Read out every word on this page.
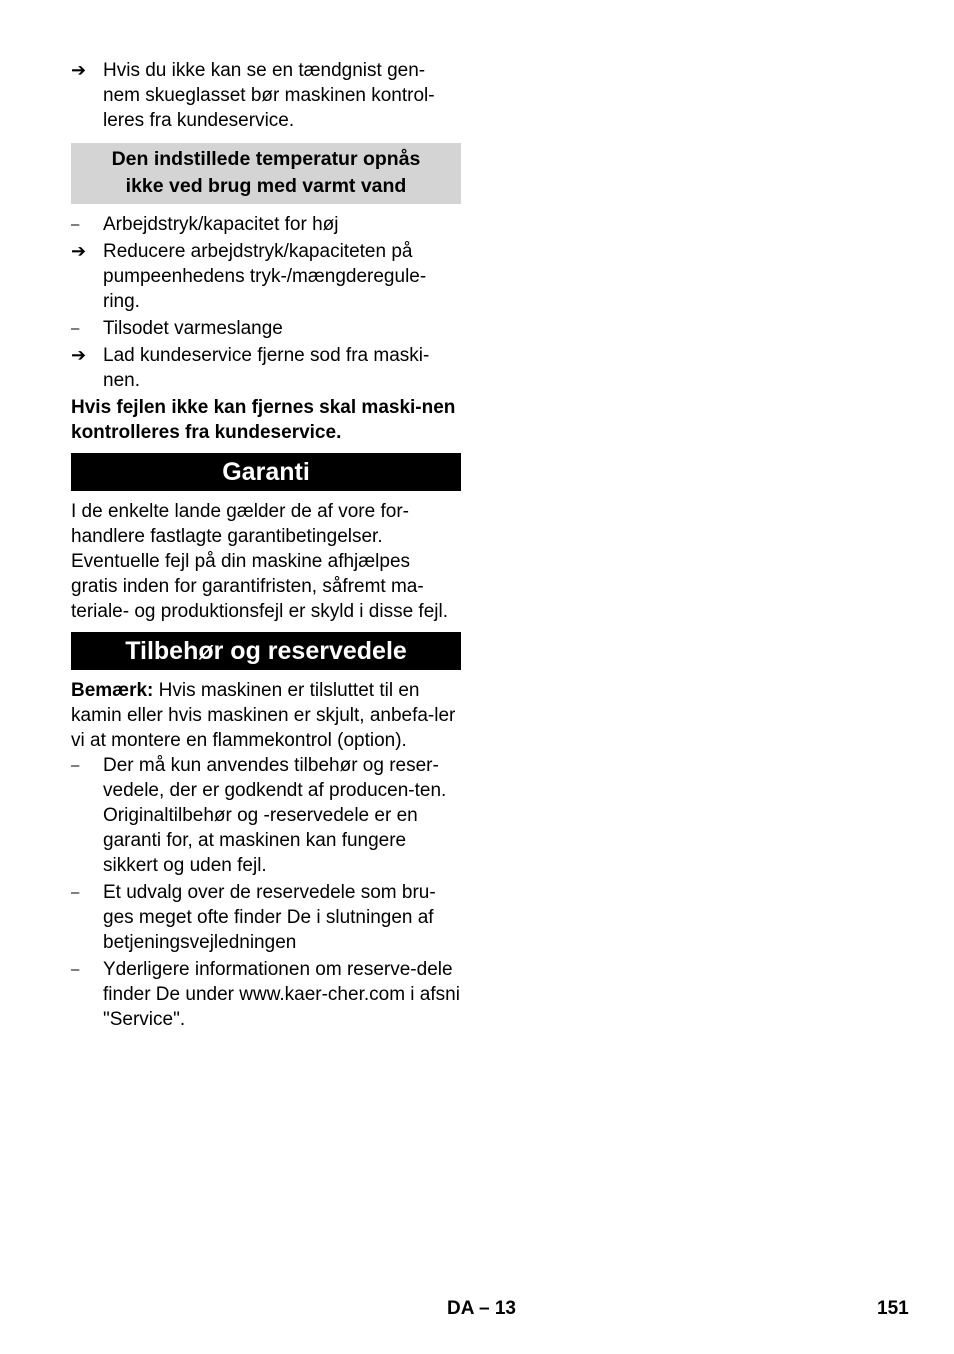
➔ Hvis du ikke kan se en tændgnist gen-nem skueglasset bør maskinen kontrol-leres fra kundeservice.
Den indstillede temperatur opnås
ikke ved brug med varmt vand
–	Arbejdstryk/kapacitet for høj
➔ Reducere arbejdstryk/kapaciteten på pumpeenhedens tryk-/mængderegule-ring.
–	Tilsodet varmeslange
➔ Lad kundeservice fjerne sod fra maski-nen.
Hvis fejlen ikke kan fjernes skal maski-nen kontrolleres fra kundeservice.
Garanti
I de enkelte lande gælder de af vore for-handlere fastlagte garantibetingelser. Eventuelle fejl på din maskine afhjælpes gratis inden for garantifristen, såfremt ma-teriale- og produktionsfejl er skyld i disse fejl.
Tilbehør og reservedele
Bemærk: Hvis maskinen er tilsluttet til en kamin eller hvis maskinen er skjult, anbefa-ler vi at montere en flammekontrol (option).
–	Der må kun anvendes tilbehør og reser-vedele, der er godkendt af producen-ten. Originaltilbehør og -reservedele er en garanti for, at maskinen kan fungere sikkert og uden fejl.
–	Et udvalg over de reservedele som bru-ges meget ofte finder De i slutningen af betjeningsvejledningen
–	Yderligere informationen om reserve-dele finder De under www.kaer-cher.com i afsni "Service".
DA – 13	151
